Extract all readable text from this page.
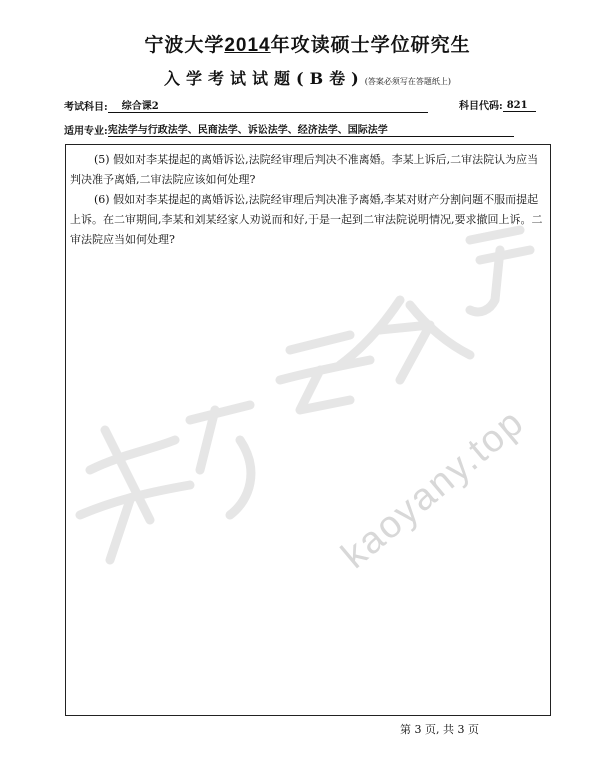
宁波大学2014年攻读硕士学位研究生
入学考试试题(B卷)(答案必须写在答题纸上)
考试科目: 综合课2	科目代码: 821
适用专业:宪法学与行政法学、民商法学、诉讼法学、经济法学、国际法学

(5) 假如对李某提起的离婚诉讼,法院经审理后判决不准离婚。李某上诉后,二审法院认为应当判决准予离婚,二审法院应该如何处理?

(6) 假如对李某提起的离婚诉讼,法院经审理后判决准予离婚,李某对财产分割问题不服而提起上诉。在二审期间,李某和刘某经家人劝说而和好,于是一起到二审法院说明情况,要求撤回上诉。二审法院应当如何处理?

kaoyany.top
第 3 页, 共 3 页
